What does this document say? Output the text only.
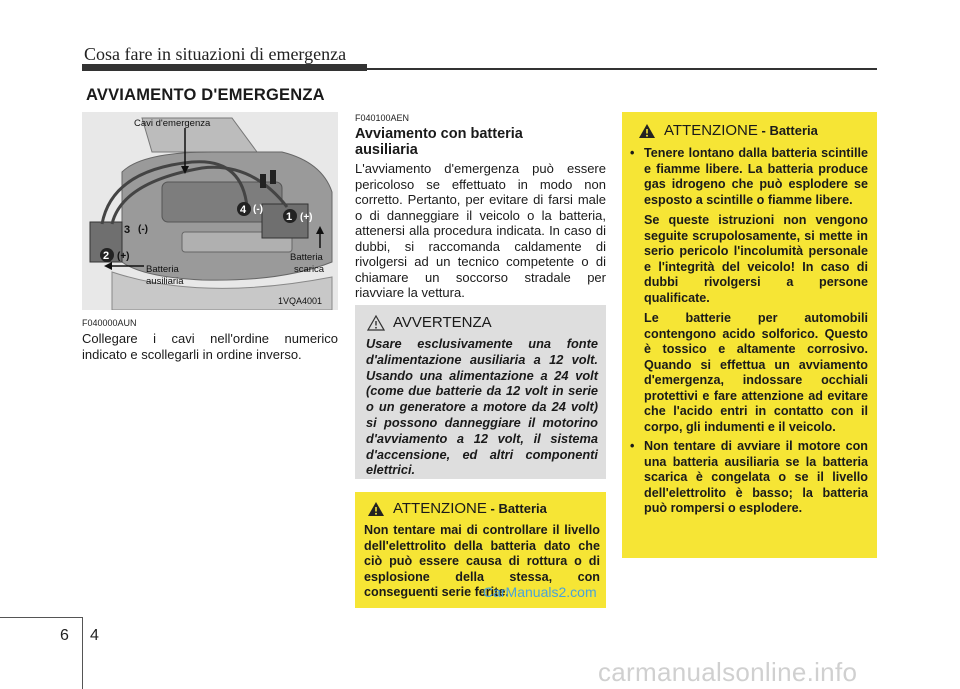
Cosa fare in situazioni di emergenza
AVVIAMENTO D'EMERGENZA
1 (+)
2 (+)
3 (-)
4 (-)
Cavi d'emergenza
Batteria
ausiliaria
Batteria
scarica
1VQA4001
F040000AUN
Collegare i cavi nell'ordine numerico indicato e scollegarli in ordine inverso.
F040100AEN
Avviamento con batteria ausiliaria
L'avviamento d'emergenza può essere pericoloso se effettuato in modo non corretto. Pertanto, per evitare di farsi male o di danneggiare il veicolo o la batteria, attenersi alla procedura indicata. In caso di dubbi, si raccomanda caldamente di rivolgersi ad un tecnico competente o di chiamare un soccorso stradale per riavviare la vettura.
AVVERTENZA
Usare esclusivamente una fonte d'alimentazione ausiliaria a 12 volt. Usando una alimentazione a 24 volt (come due batterie da 12 volt in serie o un generatore a motore da 24 volt) si possono danneggiare il motorino d'avviamento a 12 volt, il sistema d'accensione, ed altri componenti elettrici.
ATTENZIONE - Batteria
Non tentare mai di controllare il livello dell'elettrolito della batteria dato che ciò può essere causa di rottura o di esplosione della stessa, con conseguenti serie ferite.
ATTENZIONE - Batteria
• Tenere lontano dalla batteria scintille e fiamme libere. La batteria produce gas idrogeno che può esplodere se esposto a scintille o fiamme libere.

Se queste istruzioni non vengono seguite scrupolosamente, si mette in serio pericolo l'incolumità personale e l'integrità del veicolo! In caso di dubbi rivolgersi a persone qualificate.

Le batterie per automobili contengono acido solforico. Questo è tossico e altamente corrosivo. Quando si effettua un avviamento d'emergenza, indossare occhiali protettivi e fare attenzione ad evitare che l'acido entri in contatto con il corpo, gli indumenti e il veicolo.

• Non tentare di avviare il motore con una batteria ausiliaria se la batteria scarica è congelata o se il livello dell'elettrolito è basso; la batteria può rompersi o esplodere.
6 4
CarManuals2.com
carmanualsonline.info
